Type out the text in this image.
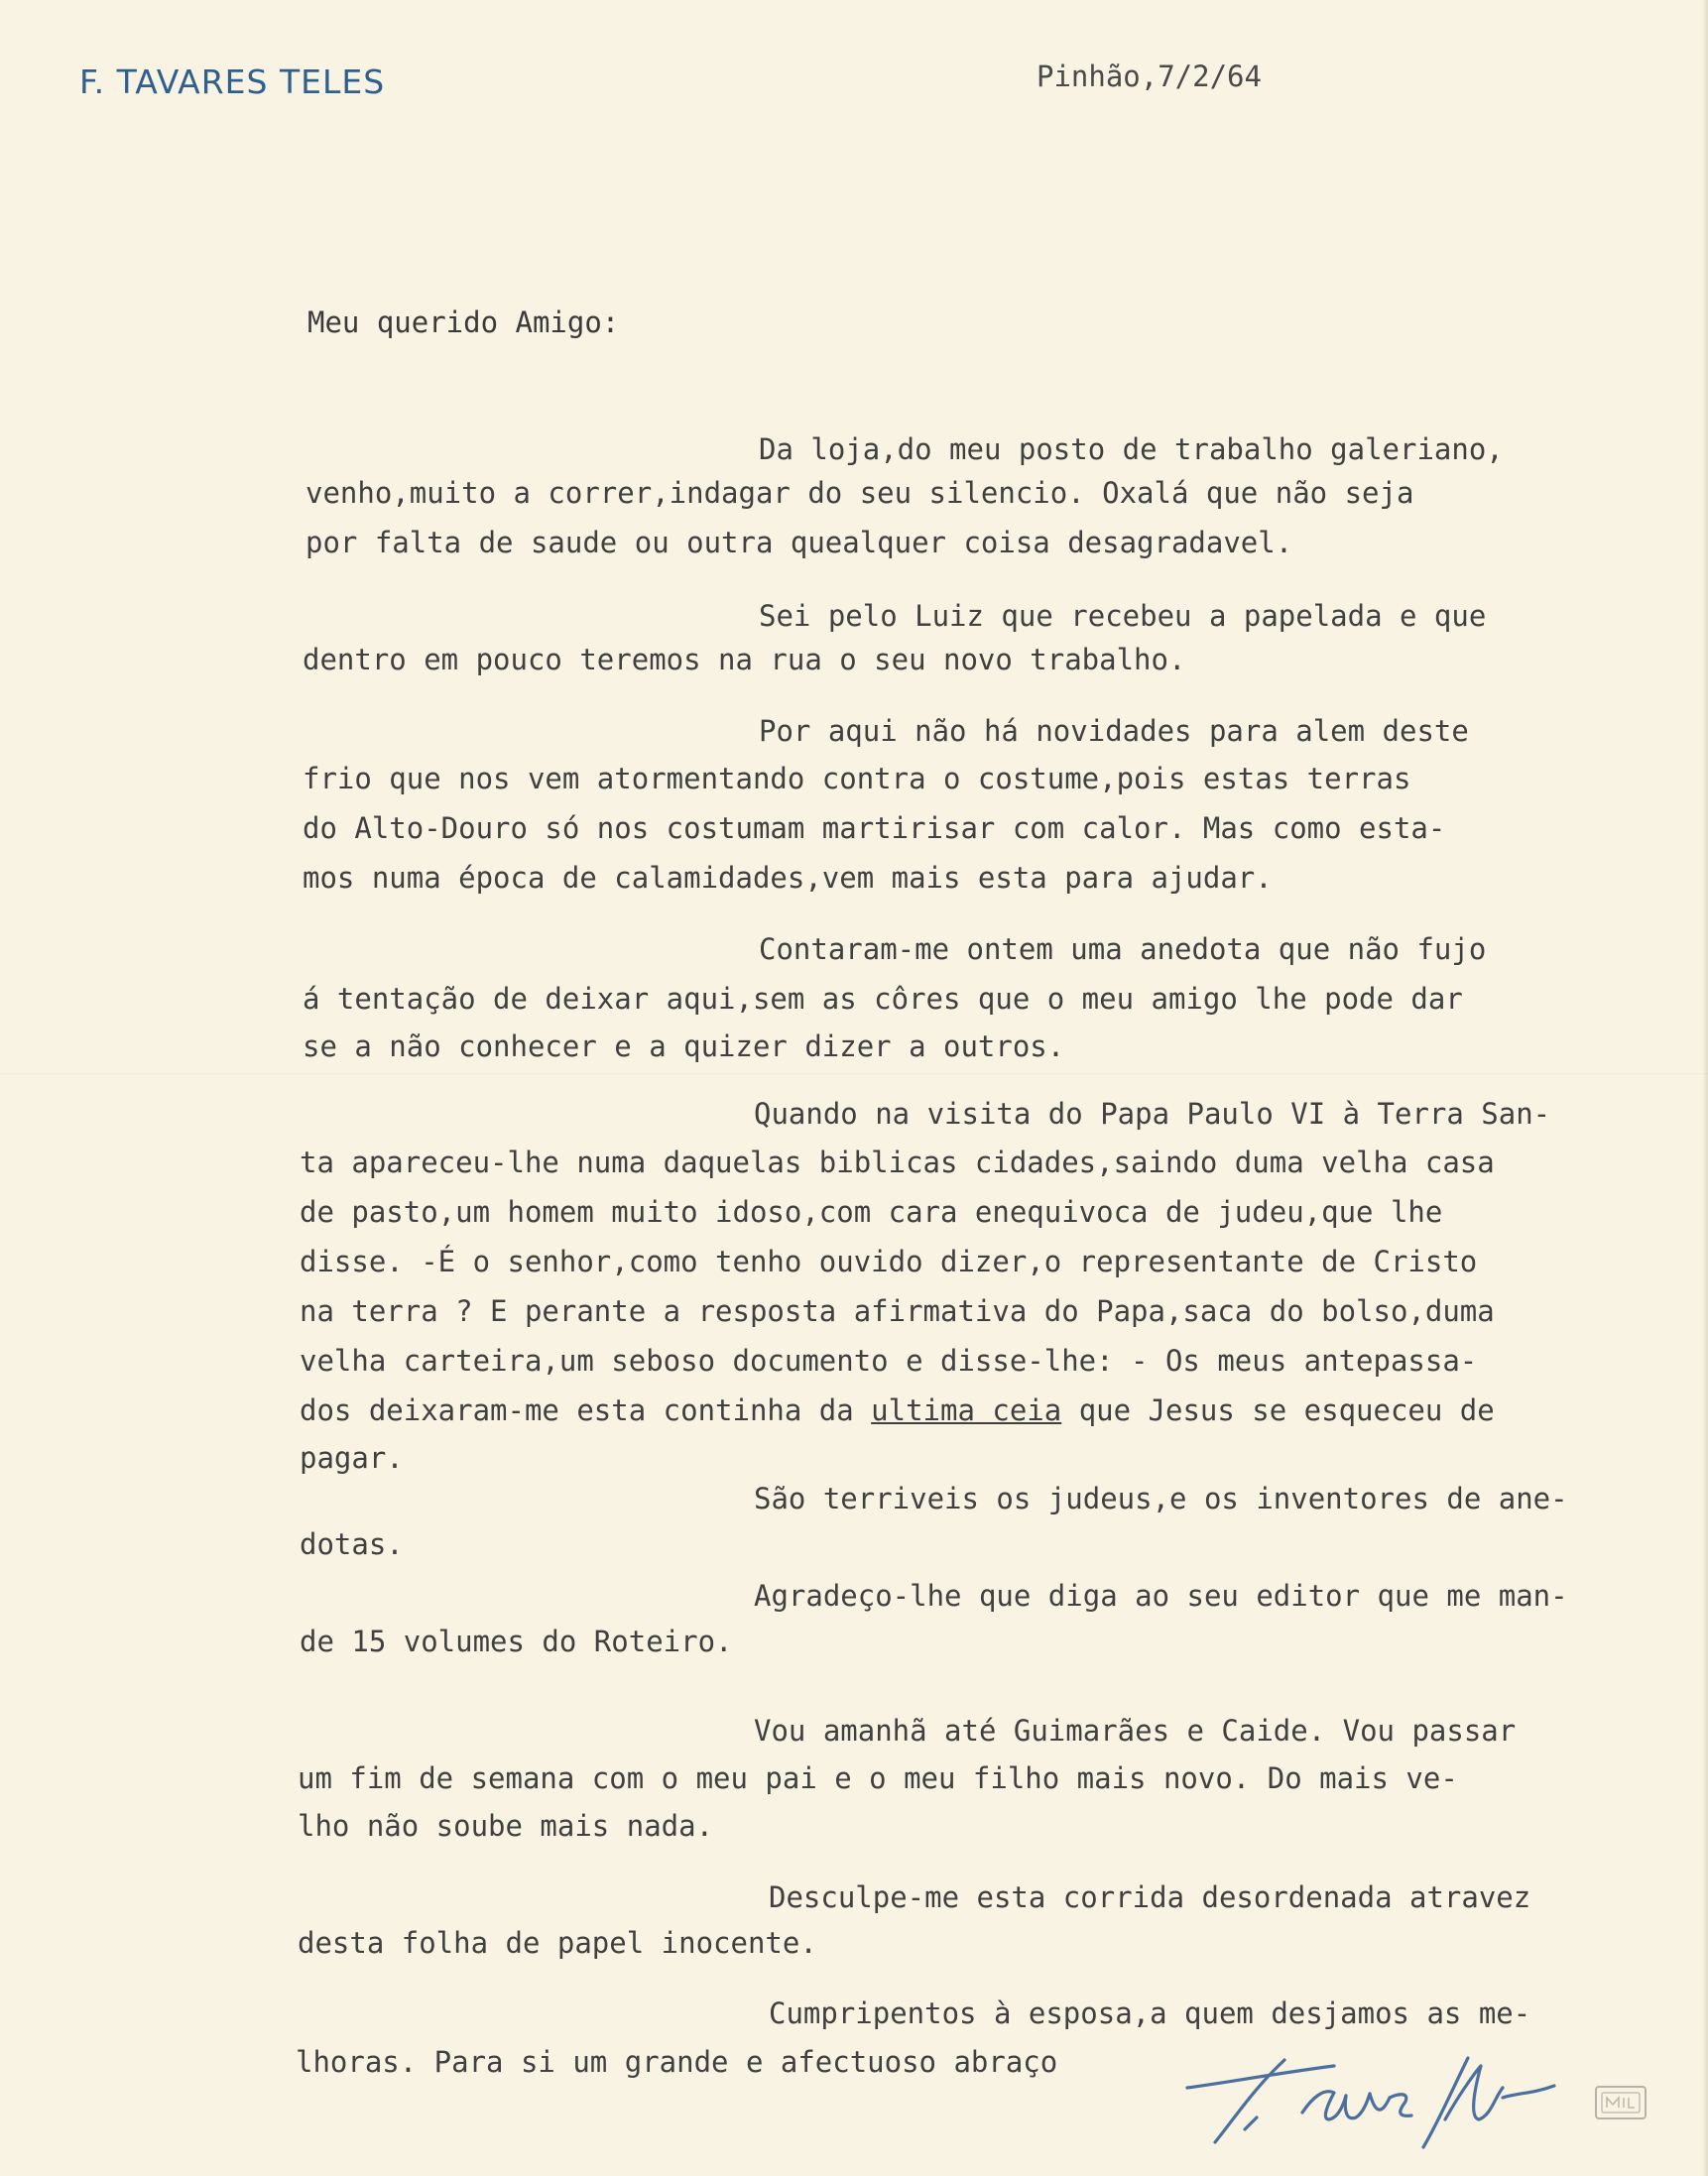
F. TAVARES TELES	Pinhão,7/2/64
Meu querido Amigo:
Da loja,do meu posto de trabalho galeriano,
venho,muito a correr,indagar do seu silencio. Oxalá que não seja
por falta de saude ou outra quealquer coisa desagradavel.
Sei pelo Luiz que recebeu a papelada e que
dentro em pouco teremos na rua o seu novo trabalho.
Por aqui não há novidades para alem deste
frio que nos vem atormentando contra o costume,pois estas terras
do Alto-Douro só nos costumam martirisar com calor. Mas como esta-
mos numa época de calamidades,vem mais esta para ajudar.
Contaram-me ontem uma anedota que não fujo
á tentação de deixar aqui,sem as côres que o meu amigo lhe pode dar
se a não conhecer e a quizer dizer a outros.
Quando na visita do Papa Paulo VI à Terra San-
ta apareceu-lhe numa daquelas biblicas cidades,saindo duma velha casa
de pasto,um homem muito idoso,com cara enequivoca de judeu,que lhe
disse. -É o senhor,como tenho ouvido dizer,o representante de Cristo
na terra ? E perante a resposta afirmativa do Papa,saca do bolso,duma
velha carteira,um seboso documento e disse-lhe: - Os meus antepassa-
dos deixaram-me esta continha da ultima ceia que Jesus se esqueceu de
pagar.
São terriveis os judeus,e os inventores de ane-
dotas.
Agradeço-lhe que diga ao seu editor que me man-
de 15 volumes do Roteiro.
Vou amanhã até Guimarães e Caide. Vou passar
um fim de semana com o meu pai e o meu filho mais novo. Do mais ve-
lho não soube mais nada.
Desculpe-me esta corrida desordenada atravez
desta folha de papel inocente.
Cumpripentos à esposa,a quem desjamos as me-
lhoras. Para si um grande e afectuoso abraço
